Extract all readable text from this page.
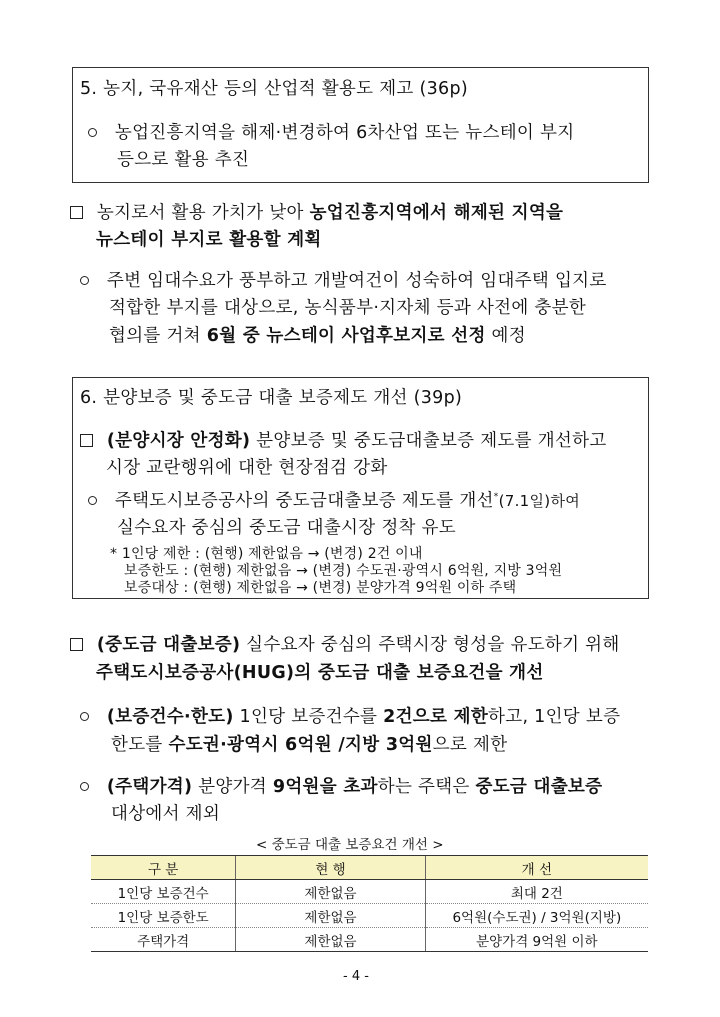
5. 농지, 국유재산 등의 산업적 활용도 제고 (36p)
농업진흥지역을 해제·변경하여 6차산업 또는 뉴스테이 부지
등으로 활용 추진
농지로서 활용 가치가 낮아 농업진흥지역에서 해제된 지역을
뉴스테이 부지로 활용할 계획
주변 임대수요가 풍부하고 개발여건이 성숙하여 임대주택 입지로
적합한 부지를 대상으로, 농식품부·지자체 등과 사전에 충분한
협의를 거쳐 6월 중 뉴스테이 사업후보지로 선정 예정
6. 분양보증 및 중도금 대출 보증제도 개선 (39p)
(분양시장 안정화) 분양보증 및 중도금대출보증 제도를 개선하고
시장 교란행위에 대한 현장점검 강화
주택도시보증공사의 중도금대출보증 제도를 개선*(7.1일)하여
실수요자 중심의 중도금 대출시장 정착 유도
* 1인당 제한 : (현행) 제한없음 → (변경) 2건 이내
보증한도 : (현행) 제한없음 → (변경) 수도권·광역시 6억원, 지방 3억원
보증대상 : (현행) 제한없음 → (변경) 분양가격 9억원 이하 주택
(중도금 대출보증) 실수요자 중심의 주택시장 형성을 유도하기 위해
주택도시보증공사(HUG)의 중도금 대출 보증요건을 개선
(보증건수·한도) 1인당 보증건수를 2건으로 제한하고, 1인당 보증
한도를 수도권·광역시 6억원 /지방 3억원으로 제한
(주택가격) 분양가격 9억원을 초과하는 주택은 중도금 대출보증
대상에서 제외
< 중도금 대출 보증요건 개선 >
구 분	현 행	개 선
1인당 보증건수	제한없음	최대 2건
1인당 보증한도	제한없음	6억원(수도권) / 3억원(지방)
주택가격	제한없음	분양가격 9억원 이하
- 4 -
